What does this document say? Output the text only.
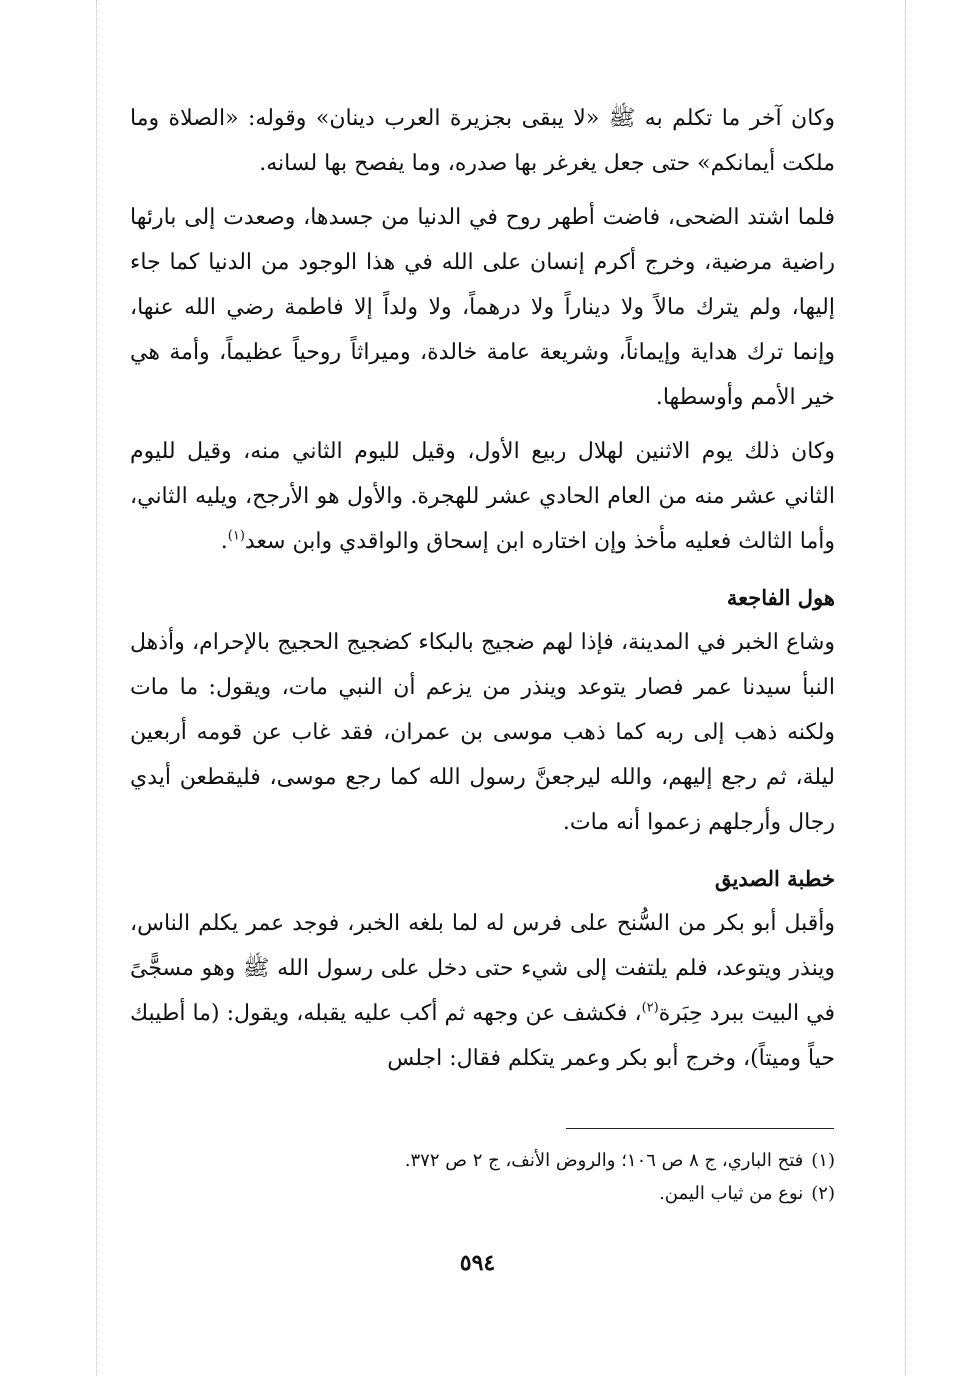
وكان آخر ما تكلم به ﷺ «لا يبقى بجزيرة العرب دينان» وقوله: «الصلاة وما ملكت أيمانكم» حتى جعل يغرغر بها صدره، وما يفصح بها لسانه.

فلما اشتد الضحى، فاضت أطهر روح في الدنيا من جسدها، وصعدت إلى بارئها راضية مرضية، وخرج أكرم إنسان على الله في هذا الوجود من الدنيا كما جاء إليها، ولم يترك مالاً ولا ديناراً ولا درهماً، ولا ولداً إلا فاطمة رضي الله عنها، وإنما ترك هداية وإيماناً، وشريعة عامة خالدة، وميراثاً روحياً عظيماً، وأمة هي خير الأمم وأوسطها.

وكان ذلك يوم الاثنين لهلال ربيع الأول، وقيل لليوم الثاني منه، وقيل لليوم الثاني عشر منه من العام الحادي عشر للهجرة. والأول هو الأرجح، ويليه الثاني، وأما الثالث فعليه مأخذ وإن اختاره ابن إسحاق والواقدي وابن سعد$^{(١)}$.

هول الفاجعة

وشاع الخبر في المدينة، فإذا لهم ضجيج بالبكاء كضجيج الحجيج بالإحرام، وأذهل النبأ سيدنا عمر فصار يتوعد وينذر من يزعم أن النبي مات، ويقول: ما مات ولكنه ذهب إلى ربه كما ذهب موسى بن عمران، فقد غاب عن قومه أربعين ليلة، ثم رجع إليهم، والله ليرجعنَّ رسول الله كما رجع موسى، فليقطعن أيدي رجال وأرجلهم زعموا أنه مات.

خطبة الصديق

وأقبل أبو بكر من السُّنح على فرس له لما بلغه الخبر، فوجد عمر يكلم الناس، وينذر ويتوعد، فلم يلتفت إلى شيء حتى دخل على رسول الله ﷺ وهو مسجًّىً في البيت ببرد حِبَرة$^{(٢)}$، فكشف عن وجهه ثم أكب عليه يقبله، ويقول: (ما أطيبك حياً وميتاً)، وخرج أبو بكر وعمر يتكلم فقال: اجلس

(١)فتح الباري، ج ٨ ص ١٠٦؛ والروض الأنف، ج ٢ ص ٣٧٢.
(٢)نوع من ثياب اليمن.
٥٩٤
